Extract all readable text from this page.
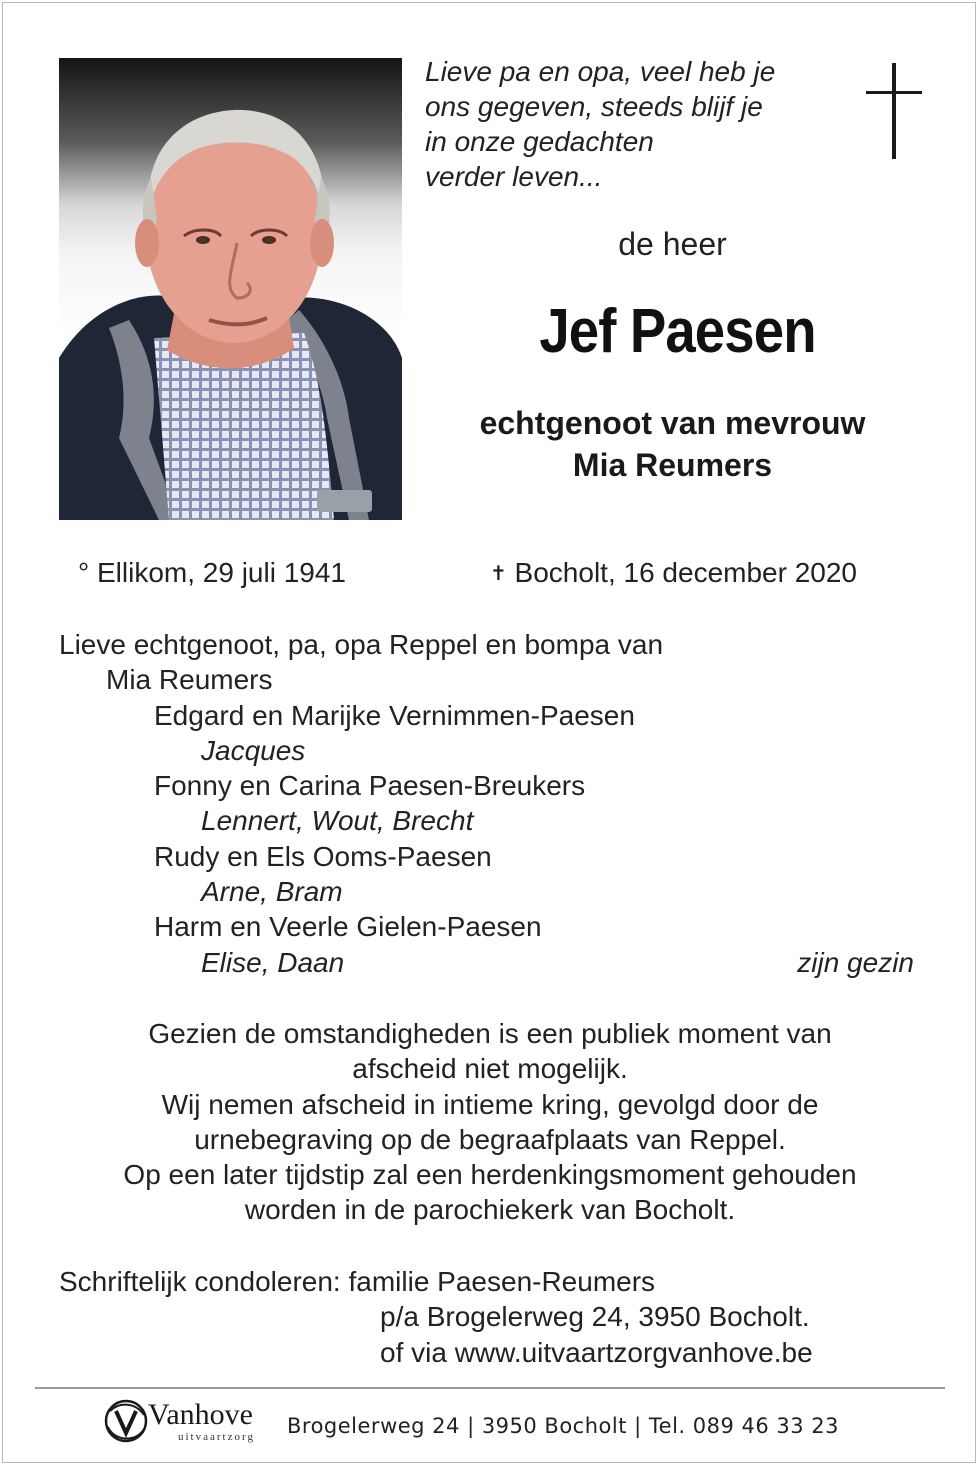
Lieve pa en opa, veel heb je
ons gegeven, steeds blijf je
in onze gedachten
verder leven...
de heer
Jef Paesen
echtgenoot van mevrouw
Mia Reumers
° Ellikom, 29 juli 1941	✝ Bocholt, 16 december 2020
Lieve echtgenoot, pa, opa Reppel en bompa van
Mia Reumers
Edgard en Marijke Vernimmen-Paesen
Jacques
Fonny en Carina Paesen-Breukers
Lennert, Wout, Brecht
Rudy en Els Ooms-Paesen
Arne, Bram
Harm en Veerle Gielen-Paesen
Elise, Daan	zijn gezin
Gezien de omstandigheden is een publiek moment van
afscheid niet mogelijk.
Wij nemen afscheid in intieme kring, gevolgd door de
urnebegraving op de begraafplaats van Reppel.
Op een later tijdstip zal een herdenkingsmoment gehouden
worden in de parochiekerk van Bocholt.
Schriftelijk condoleren: familie Paesen-Reumers
p/a Brogelerweg 24, 3950 Bocholt.
of via www.uitvaartzorgvanhove.be
Vanhove
uitvaartzorg Brogelerweg 24 | 3950 Bocholt | Tel. 089 46 33 23
